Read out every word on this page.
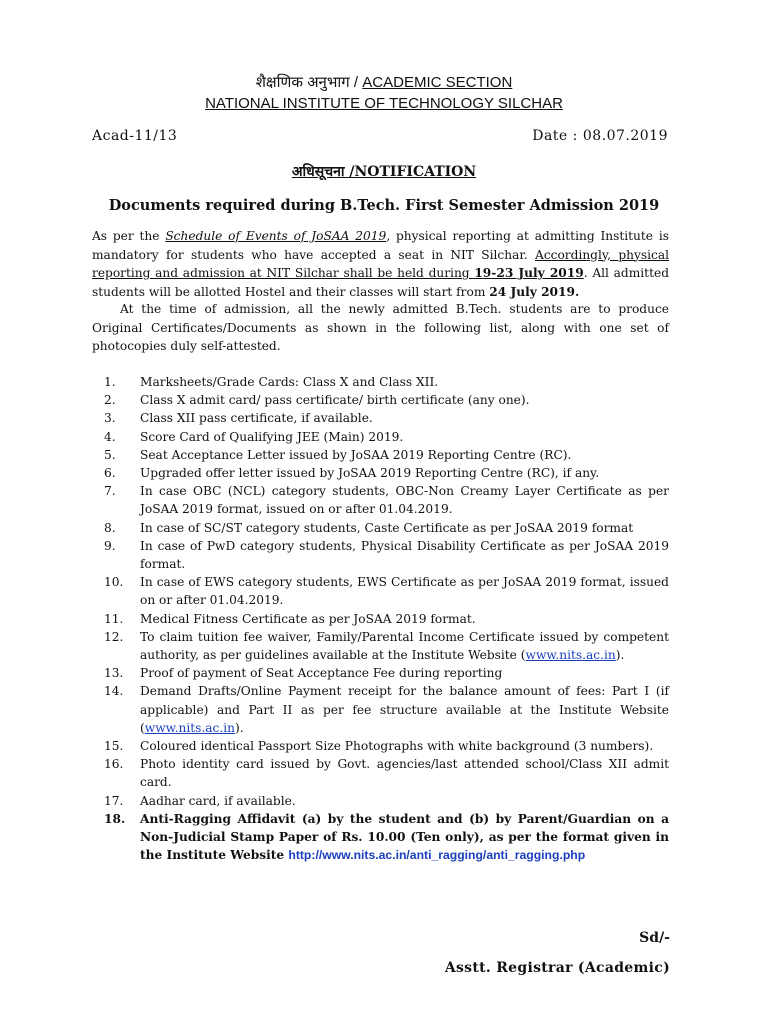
शैक्षणिक अनुभाग / ACADEMIC SECTION
NATIONAL INSTITUTE OF TECHNOLOGY SILCHAR
Acad-11/13	Date : 08.07.2019
अधिसूचना /NOTIFICATION
Documents required during B.Tech. First Semester Admission 2019
As per the Schedule of Events of JoSAA 2019, physical reporting at admitting Institute is mandatory for students who have accepted a seat in NIT Silchar. Accordingly, physical reporting and admission at NIT Silchar shall be held during 19-23 July 2019. All admitted students will be allotted Hostel and their classes will start from 24 July 2019.
At the time of admission, all the newly admitted B.Tech. students are to produce Original Certificates/Documents as shown in the following list, along with one set of photocopies duly self-attested.
1.	Marksheets/Grade Cards: Class X and Class XII.
2.	Class X admit card/ pass certificate/ birth certificate (any one).
3.	Class XII pass certificate, if available.
4.	Score Card of Qualifying JEE (Main) 2019.
5.	Seat Acceptance Letter issued by JoSAA 2019 Reporting Centre (RC).
6.	Upgraded offer letter issued by JoSAA 2019 Reporting Centre (RC), if any.
7.	In case OBC (NCL) category students, OBC-Non Creamy Layer Certificate as per JoSAA 2019 format, issued on or after 01.04.2019.
8.	In case of SC/ST category students, Caste Certificate as per JoSAA 2019 format
9.	In case of PwD category students, Physical Disability Certificate as per JoSAA 2019 format.
10.	In case of EWS category students, EWS Certificate as per JoSAA 2019 format, issued on or after 01.04.2019.
11.	Medical Fitness Certificate as per JoSAA 2019 format.
12.	To claim tuition fee waiver, Family/Parental Income Certificate issued by competent authority, as per guidelines available at the Institute Website (www.nits.ac.in).
13.	Proof of payment of Seat Acceptance Fee during reporting
14.	Demand Drafts/Online Payment receipt for the balance amount of fees: Part I (if applicable) and Part II as per fee structure available at the Institute Website (www.nits.ac.in).
15.	Coloured identical Passport Size Photographs with white background (3 numbers).
16.	Photo identity card issued by Govt. agencies/last attended school/Class XII admit card.
17.	Aadhar card, if available.
18.	Anti-Ragging Affidavit (a) by the student and (b) by Parent/Guardian on a Non-Judicial Stamp Paper of Rs. 10.00 (Ten only), as per the format given in the Institute Website http://www.nits.ac.in/anti_ragging/anti_ragging.php
Sd/-
Asstt. Registrar (Academic)
